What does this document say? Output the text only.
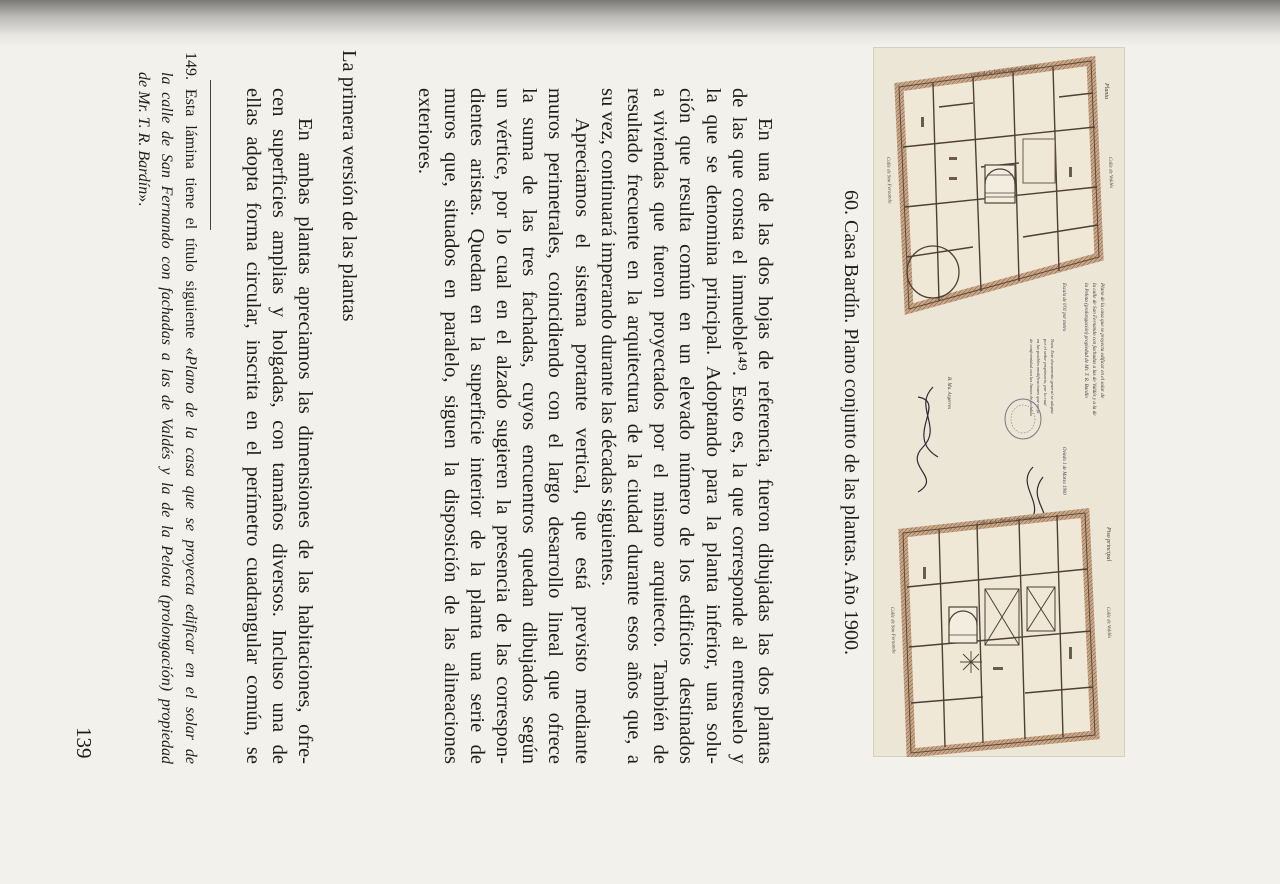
Calle de la Pelota (prolongación)
Calle de Valdés
Calle de San Fernando
Planta
Plano de la casa que se proyecta edificar en el solar de
la calle de San Fernando con fachadas a las de Valdés y a la de
la Pelota (prolongación) propiedad de Mr. T. R. Bardín
Escala de 0'01 por metro
Nota. Este documento general se adapta
por el señor propietario, por lo cual
en las posibles modificaciones que surja
de conformidad con las líneas de fachada
Oviedo 1 de Marzo 1900
B. Ma. Argerres
Calle de la Pelota (prolongación)
Calle de Valdés
Calle de San Fernando
Piso principal
60. Casa Bardín. Plano conjunto de las plantas. Año 1900.
En una de las dos hojas de referencia, fueron dibujadas las dos plantas
de las que consta el inmueble¹⁴⁹. Esto es, la que corresponde al entresuelo y
la que se denomina principal. Adoptando para la planta inferior, una solu-
ción que resulta común en un elevado número de los edificios destinados
a viviendas que fueron proyectados por el mismo arquitecto. También de
resultado frecuente en la arquitectura de la ciudad durante esos años que, a
su vez, continuará imperando durante las décadas siguientes.
Apreciamos el sistema portante vertical, que está previsto mediante
muros perimetrales, coincidiendo con el largo desarrollo lineal que ofrece
la suma de las tres fachadas, cuyos encuentros quedan dibujados según
un vértice, por lo cual en el alzado sugieren la presencia de las correspon-
dientes aristas. Quedan en la superficie interior de la planta una serie de
muros que, situados en paralelo, siguen la disposición de las alineaciones
exteriores.
La primera versión de las plantas
En ambas plantas apreciamos las dimensiones de las habitaciones, ofre-
cen superficies amplias y holgadas, con tamaños diversos. Incluso una de
ellas adopta forma circular, inscrita en el perímetro cuadrangular común, se
149. Esta lámina tiene el título siguiente «Plano de la casa que se proyecta edificar en el solar de
la calle de San Fernando con fachadas a las de Valdés y la de la Pelota (prolongación) propiedad
de Mr. T. R. Bardín».
139
